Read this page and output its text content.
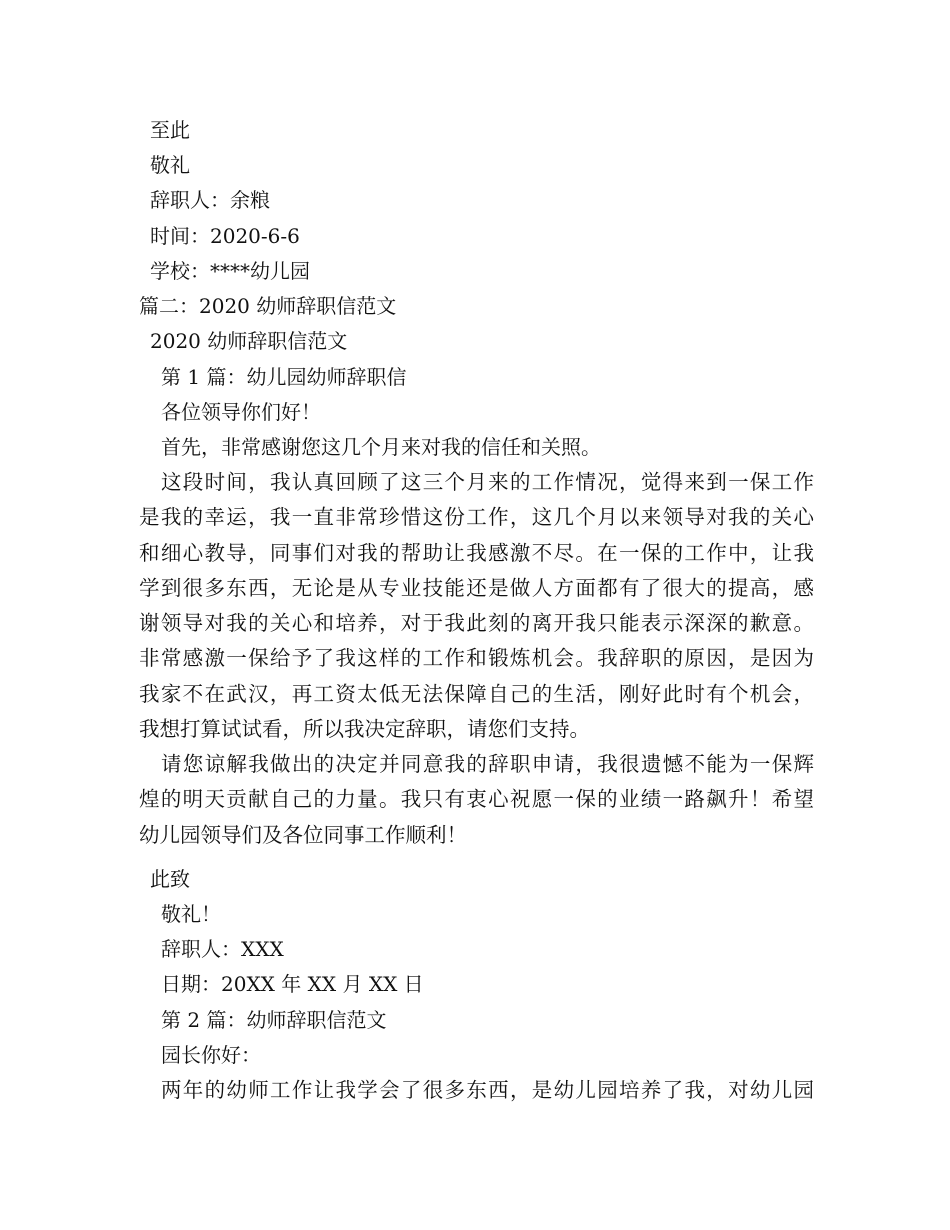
至此
敬礼
辞职人：余粮
时间：2020-6-6
学校：****幼儿园
篇二：2020 幼师辞职信范文
2020 幼师辞职信范文
第 1 篇：幼儿园幼师辞职信
各位领导你们好！
首先，非常感谢您这几个月来对我的信任和关照。
这段时间，我认真回顾了这三个月来的工作情况，觉得来到一保工作
是我的幸运，我一直非常珍惜这份工作，这几个月以来领导对我的关心
和细心教导，同事们对我的帮助让我感激不尽。在一保的工作中，让我
学到很多东西，无论是从专业技能还是做人方面都有了很大的提高，感
谢领导对我的关心和培养，对于我此刻的离开我只能表示深深的歉意。
非常感激一保给予了我这样的工作和锻炼机会。我辞职的原因，是因为
我家不在武汉，再工资太低无法保障自己的生活，刚好此时有个机会，
我想打算试试看，所以我决定辞职，请您们支持。
请您谅解我做出的决定并同意我的辞职申请，我很遗憾不能为一保辉
煌的明天贡献自己的力量。我只有衷心祝愿一保的业绩一路飙升！希望
幼儿园领导们及各位同事工作顺利！
此致
敬礼！
辞职人：XXX
日期：20XX 年 XX 月 XX 日
第 2 篇：幼师辞职信范文
园长你好：
两年的幼师工作让我学会了很多东西，是幼儿园培养了我，对幼儿园
